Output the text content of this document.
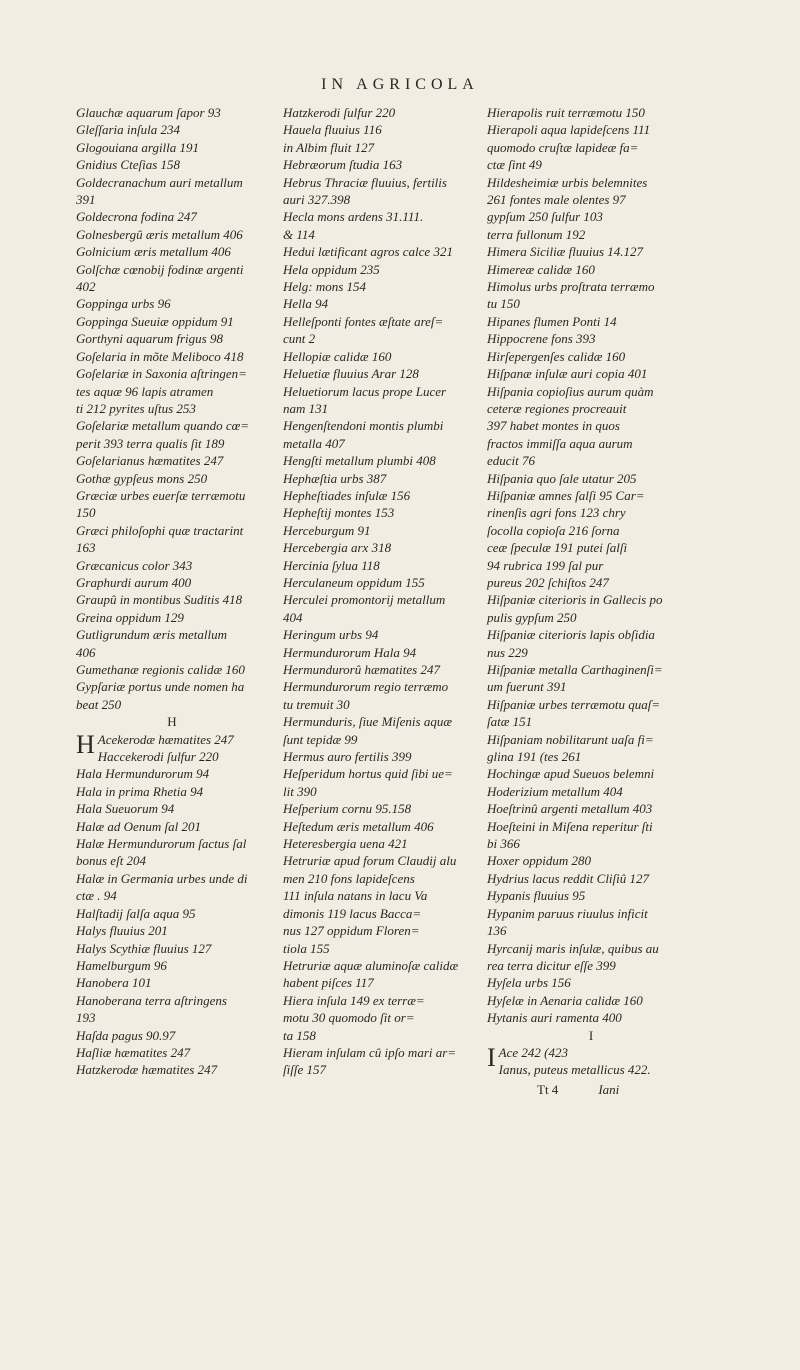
IN AGRICOLA

Glauchæ aquarum ſapor 93

Gleſſaria inſula 234

Glogouiana argilla 191

Gnidius Cteſias 158

Goldecranachum auri metallum

391

Goldecrona fodina 247

Golnesbergû æris metallum 406

Golnicium æris metallum 406

Golſchæ cœnobij fodinæ argenti

402

Goppinga urbs 96

Goppinga Sueuiæ oppidum 91

Gorthyni aquarum frigus 98

Goſelaria in mõte Meliboco 418

Goſelariæ in Saxonia aſtringen=

tes aquæ 96 lapis atramen

ti 212 pyrites uſtus 253

Goſelariæ metallum quando cœ=

perit 393 terra qualis ſit 189

Goſelarianus hæmatites 247

Gothæ gypſeus mons 250

Græciæ urbes euerſæ terræmotu

150

Græci philoſophi quæ tractarint

163

Græcanicus color 343

Graphurdi aurum 400

Graupû in montibus Suditis 418

Greina oppidum 129

Gutligrundum æris metallum

406

Gumethanæ regionis calidæ 160

Gypſariæ portus unde nomen ha

beat 250

H
H Acekerodæ hæmatites 247

Haccekerodi ſulfur 220

Hala Hermundurorum 94

Hala in prima Rhetia 94

Hala Sueuorum 94

Halæ ad Oenum ſal 201

Halæ Hermundurorum ſactus ſal

bonus eſt 204

Halæ in Germania urbes unde di

ctæ . 94

Halſtadij ſalſa aqua 95

Halys fluuius 201

Halys Scythiæ fluuius 127

Hamelburgum 96

Hanobera 101

Hanoberana terra aſtringens

193

Haſda pagus 90.97

Haſliæ hæmatites 247

Hatzkerodæ hæmatites 247

Hatzkerodi ſulfur 220

Hauela fluuius 116

in Albim fluit 127

Hebræorum ſtudia 163

Hebrus Thraciæ fluuius, fertilis

auri 327.398

Hecla mons ardens 31.111.

& 114

Hedui lætificant agros calce 321

Hela oppidum 235

Helg: mons 154

Hella 94

Helleſponti fontes æſtate areſ=

cunt 2

Hellopiæ calidæ 160

Heluetiæ fluuius Arar 128

Heluetiorum lacus prope Lucer

nam 131

Hengenſtendoni montis plumbi

metalla 407

Hengſti metallum plumbi 408

Hephæſtia urbs 387

Hepheſtiades inſulæ 156

Hepheſtij montes 153

Herceburgum 91

Hercebergia arx 318

Hercinia ſylua 118

Herculaneum oppidum 155

Herculei promontorij metallum

404

Heringum urbs 94

Hermundurorum Hala 94

Hermundurorû hæmatites 247

Hermundurorum regio terræmo

tu tremuit 30

Hermunduris, ſiue Miſenis aquæ

ſunt tepidæ 99

Hermus auro fertilis 399

Heſperidum hortus quid ſibi ue=

lit 390

Heſperium cornu 95.158

Heſtedum æris metallum 406

Heteresbergia uena 421

Hetruriæ apud forum Claudij alu

men 210 fons lapideſcens

111 inſula natans in lacu Va

dimonis 119 lacus Bacca=

nus 127 oppidum Floren=

tiola 155

Hetruriæ aquæ aluminoſæ calidæ

habent piſces 117

Hiera inſula 149 ex terræ=

motu 30 quomodo ſit or=

ta 158

Hieram inſulam cû ipſo mari ar=

ſiſſe 157

Hierapolis ruit terræmotu 150

Hierapoli aqua lapideſcens 111

quomodo cruſtæ lapideæ fa=

ctæ ſint 49

Hildesheimiæ urbis belemnites

261 fontes male olentes 97

gypſum 250 ſulfur 103

terra fullonum 192

Himera Siciliæ fluuius 14.127

Himereæ calidæ 160

Himolus urbs proſtrata terræmo

tu 150

Hipanes flumen Ponti 14

Hippocrene fons 393

Hirſepergenſes calidæ 160

Hiſpanæ inſulæ auri copia 401

Hiſpania copioſius aurum quàm

ceteræ regiones procreauit

397 habet montes in quos

fractos immiſſa aqua aurum

educit 76

Hiſpania quo ſale utatur 205

Hiſpaniæ amnes ſalſi 95 Car=

rinenſis agri fons 123 chry

ſocolla copioſa 216 ſorna

ceæ ſpeculæ 191 putei ſalſi

94 rubrica 199 ſal pur

pureus 202 ſchiſtos 247

Hiſpaniæ citerioris in Gallecis po

pulis gypſum 250

Hiſpaniæ citerioris lapis obſidia

nus 229

Hiſpaniæ metalla Carthaginenſi=

um fuerunt 391

Hiſpaniæ urbes terræmotu quaſ=

ſatæ 151

Hiſpaniam nobilitarunt uaſa fi=

glina 191 (tes 261

Hochingæ apud Sueuos belemni

Hoderizium metallum 404

Hoeſtrinû argenti metallum 403

Hoeſteini in Miſena reperitur ſti

bi 366

Hoxer oppidum 280

Hydrius lacus reddit Cliſiû 127

Hypanis fluuius 95

Hypanim paruus riuulus inficit

136

Hyrcanij maris inſulæ, quibus au

rea terra dicitur eſſe 399

Hyſela urbs 156

Hyſelæ in Aenaria calidæ 160

Hytanis auri ramenta 400

I
I Ace 242 (423

Ianus, puteus metallicus 422.

Tt 4	Iani
